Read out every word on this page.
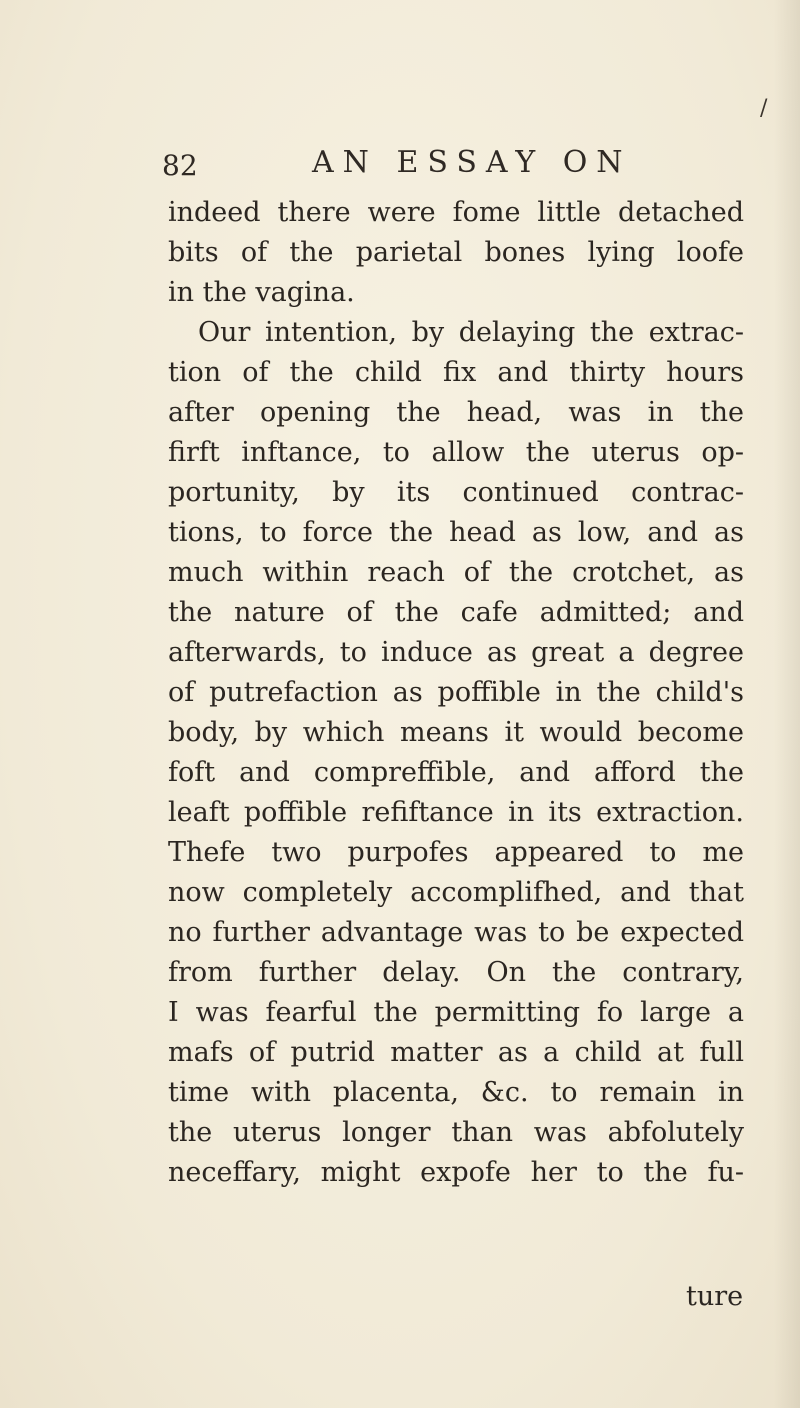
/
82	AN ESSAY ON
indeed there were fome little detached
bits of the parietal bones lying loofe
in the vagina.
Our intention, by delaying the extrac-
tion of the child fix and thirty hours
after opening the head, was in the
firft inftance, to allow the uterus op-
portunity, by its continued contrac-
tions, to force the head as low, and as
much within reach of the crotchet, as
the nature of the cafe admitted; and
afterwards, to induce as great a degree
of putrefaction as poffible in the child's
body, by which means it would become
foft and compreffible, and afford the
leaft poffible refiftance in its extraction.
Thefe two purpofes appeared to me
now completely accomplifhed, and that
no further advantage was to be expected
from further delay. On the contrary,
I was fearful the permitting fo large a
mafs of putrid matter as a child at full
time with placenta, &c. to remain in
the uterus longer than was abfolutely
neceffary, might expofe her to the fu-
ture
